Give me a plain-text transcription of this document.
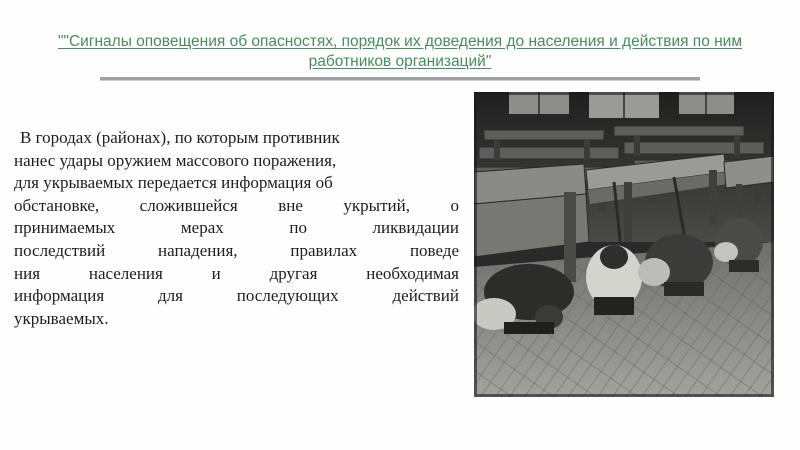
""Сигналы оповещения об опасностях, порядок их доведения до населения и действия по ним работников организаций"
В городах (районах), по которым противник
нанес удары оружием массового поражения,
для укрываемых передается информация об
обстановке, сложившейся вне укрытий, о
принимаемых мерах по ликвидации
последствий нападения, правилах поведе
ния населения и другая необходимая
информация для последующих действий
укрываемых.
